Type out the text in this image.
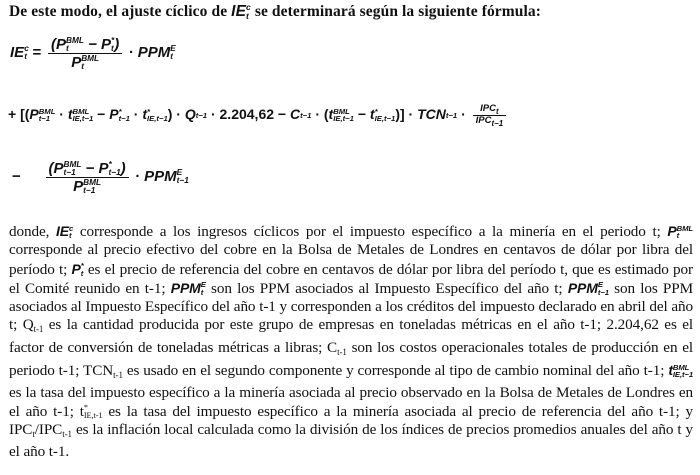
De este modo, el ajuste cíclico de IE c
t se determinará según la siguiente fórmula:
IE c
t = (P BML
t	− P *
t )
P BML
t · PPM E
t
+ [(P BML
t−1 · t BML
IE,t−1 − P *
t−1 · t *
IE,t−1 ) · Q t−1 · 2.204,62 − C t−1 · (t BML
IE,t−1 − t *
IE,t−1 )] · TCN $t-1 \cdot \frac{IPC_t}{IPC_{t-1}}$
− (P BML
t−1 − P *
t−1 )
P BML
t−1 · PPM E
t−1
donde, IE c
t corresponde a los ingresos cíclicos por el impuesto específico a la minería en el periodo t; P BML
t
corresponde al precio efectivo del cobre en la Bolsa de Metales de Londres en centavos de dólar por libra del período t; P *
t es el precio de referencia del cobre en centavos de dólar por libra del período t, que es estimado por el Comité reunido en t-1; PPM E
t son los PPM asociados al Impuesto Específico del año t; PPM E
t−1 son los PPM asociados al Impuesto Específico del año t-1 y corresponden a los créditos del impuesto declarado en abril del año t; Qt-1 es la cantidad producida por este grupo de empresas en toneladas métricas en el año t-1; 2.204,62 es el factor de conversión de toneladas métricas a libras; Ct-1 son los costos operacionales totales de producción en el periodo t-1; TCNt-1 es usado en el segundo componente y corresponde al tipo de cambio nominal del año t-1; t BML
IE,t−1
es la tasa del impuesto específico a la minería asociada al precio observado en la Bolsa de Metales de Londres en el año t-1; t *
IE,t-1 es la tasa del impuesto específico a la minería asociada al precio de referencia del año t-1; y IPCt/IPCt-1 es la inflación local calculada como la división de los índices de precios promedios anuales del año t y el año t-1.
